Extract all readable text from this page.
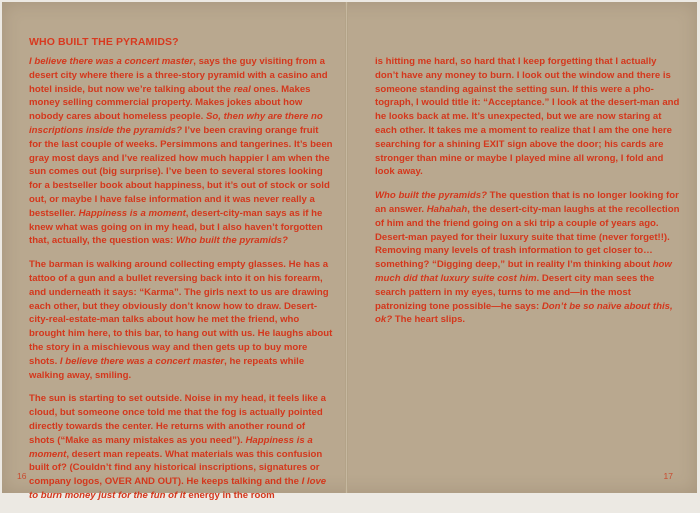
WHO BUILT THE PYRAMIDS?

I believe there was a concert master, says the guy visiting from a desert city where there is a three-story pyramid with a casino and hotel inside, but now we’re talking about the real ones. Makes money selling commercial property. Makes jokes about how nobody cares about homeless people. So, then why are there no inscriptions inside the pyramids? I’ve been craving orange fruit for the last couple of weeks. Persimmons and tangerines. It’s been gray most days and I’ve realized how much happier I am when the sun comes out (big surprise). I’ve been to several stores looking for a bestseller book about happiness, but it’s out of stock or sold out, or maybe I have false information and it was never really a bestseller. Happiness is a moment, desert-city-man says as if he knew what was going on in my head, but I also haven’t forgotten that, actually, the question was: Who built the pyramids?

The barman is walking around collecting empty glasses. He has a tattoo of a gun and a bullet reversing back into it on his forearm, and underneath it says: “Karma”. The girls next to us are drawing each other, but they obviously don’t know how to draw. Desert-city-real-estate-man talks about how he met the friend, who brought him here, to this bar, to hang out with us. He laughs about the story in a mischievous way and then gets up to buy more shots. I believe there was a concert master, he repeats while walking away, smiling.

The sun is starting to set outside. Noise in my head, it feels like a cloud, but someone once told me that the fog is actually pointed directly towards the center. He returns with another round of shots (“Make as many mistakes as you need”). Happiness is a moment, desert man repeats. What materials was this confusion built of? (Couldn’t find any historical inscriptions, signatures or company logos, OVER AND OUT). He keeps talking and the I love to burn money just for the fun of it energy in the room

16

is hitting me hard, so hard that I keep forgetting that I actually don’t have any money to burn. I look out the window and there is someone standing against the setting sun. If this were a photograph, I would title it: “Acceptance.” I look at the desert-man and he looks back at me. It’s unexpected, but we are now staring at each other. It takes me a moment to realize that I am the one here searching for a shining EXIT sign above the door; his cards are stronger than mine or maybe I played mine all wrong, I fold and look away.

Who built the pyramids? The question that is no longer looking for an answer. Hahahah, the desert-city-man laughs at the recollection of him and the friend going on a ski trip a couple of years ago. Desert-man payed for their luxury suite that time (never forget!!). Removing many levels of trash information to get closer to…something? “Digging deep,” but in reality I’m thinking about how much did that luxury suite cost him. Desert city man sees the search pattern in my eyes, turns to me and—in the most patronizing tone possible—he says: Don’t be so naïve about this, ok? The heart slips.

17
